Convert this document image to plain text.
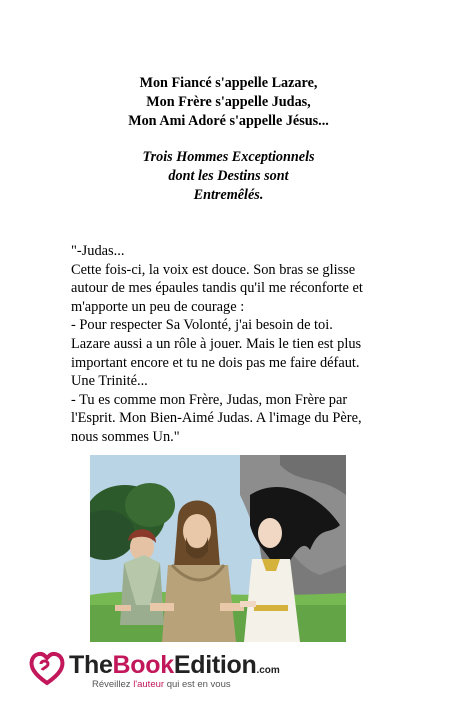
Mon Fiancé s'appelle Lazare,
Mon Frère s'appelle Judas,
Mon Ami Adoré s'appelle Jésus...
Trois Hommes Exceptionnels
dont les Destins sont
Entremêlés.

"-Judas...

Cette fois-ci, la voix est douce. Son bras se glisse autour de mes épaules tandis qu'il me réconforte et m'apporte un peu de courage :

- Pour respecter Sa Volonté, j'ai besoin de toi. Lazare aussi a un rôle à jouer. Mais le tien est plus important encore et tu ne dois pas me faire défaut.

Une Trinité...

- Tu es comme mon Frère, Judas, mon Frère par l'Esprit. Mon Bien-Aimé Judas. A l'image du Père, nous sommes Un."

TheBookEdition.com
Réveillez l'auteur qui est en vous
